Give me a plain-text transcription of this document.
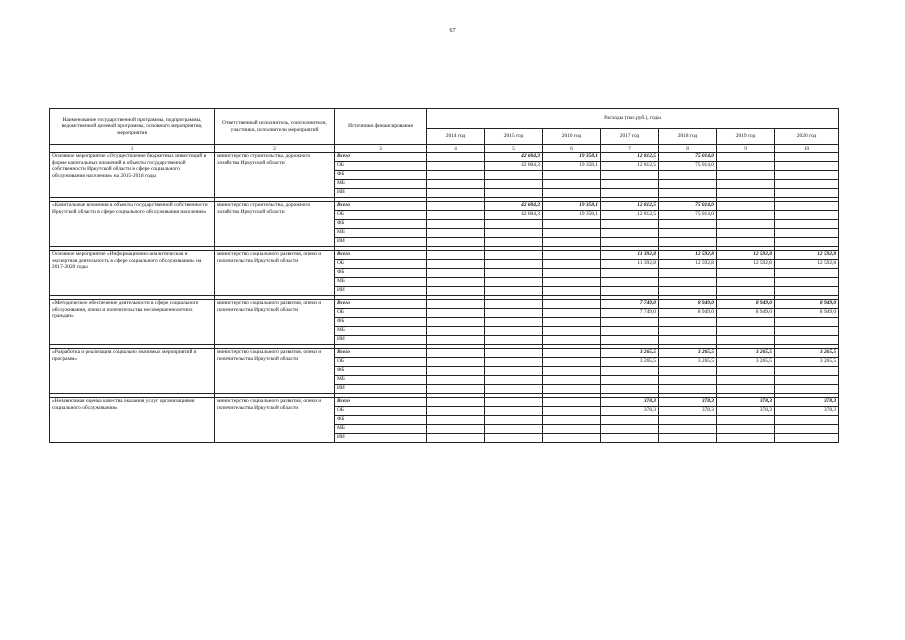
67
Наименование государственной программы, подпрограммы, ведомственной целевой программы, основного мероприятия, мероприятия	Ответственный исполнитель, соисполнители, участники, исполнители мероприятий	Источники финансирования	Расходы (тыс.руб.), годы						
			2014 год	2015 год	2016 год	2017 год	2018 год	2019 год	2020 год
1	2	3	4	5	6	7	8	9	10
Основное мероприятие «Осуществление бюджетных инвестиций в форме капитальных вложений в объекты государственной собственности Иркутской области в сфере социального обслуживания населения» на 2015-2018 годы	министерство строительства, дорожного хозяйства Иркутской области	Всего		42 604,3	19 358,1	12 812,5	75 014,0		
		ОБ		42 604,3	19 358,1	12 812,5	75 014,0		
		ФБ							
		МБ							
		ИИ							

«Капитальные вложения в объекты государственной собственности Иркутской области в сфере социального обслуживания населения»	министерство строительства, дорожного хозяйства Иркутской области	Всего		42 604,3	19 358,1	12 812,5	75 014,0		
		ОБ		42 604,3	19 358,1	12 812,5	75 014,0		
		ФБ							
		МБ							
		ИИ							

Основное мероприятие «Информационно-аналитическая и экспертная деятельность в сфере социального обслуживания» на 2017-2020 годы	министерство социального развития, опеки и попечительства Иркутской области	Всего				11 392,8	12 592,8	12 592,8	12 592,8
		ОБ				11 392,8	12 592,8	12 592,8	12 592,8
		ФБ							
		МБ							
		ИИ							

«Методическое обеспечение деятельности в сфере социального обслуживания, опеки и попечительства несовершеннолетних граждан»	министерство социального развития, опеки и попечительства Иркутской области	Всего				7 749,0	8 949,0	8 949,0	8 949,0
		ОБ				7 749,0	8 949,0	8 949,0	8 949,0
		ФБ							
		МБ							
		ИИ							

«Разработка и реализация социально значимых мероприятий и программ»	министерство социального развития, опеки и попечительства Иркутской области	Всего				3 265,5	3 265,5	3 265,5	3 265,5
		ОБ				3 265,5	3 265,5	3 265,5	3 265,5
		ФБ							
		МБ							
		ИИ							

«Независимая оценка качества оказания услуг организациями социального обслуживания»	министерство социального развития, опеки и попечительства Иркутской области	Всего				378,3	378,3	378,3	378,3
		ОБ				378,3	378,3	378,3	378,3
		ФБ							
		МБ							
		ИИ							
